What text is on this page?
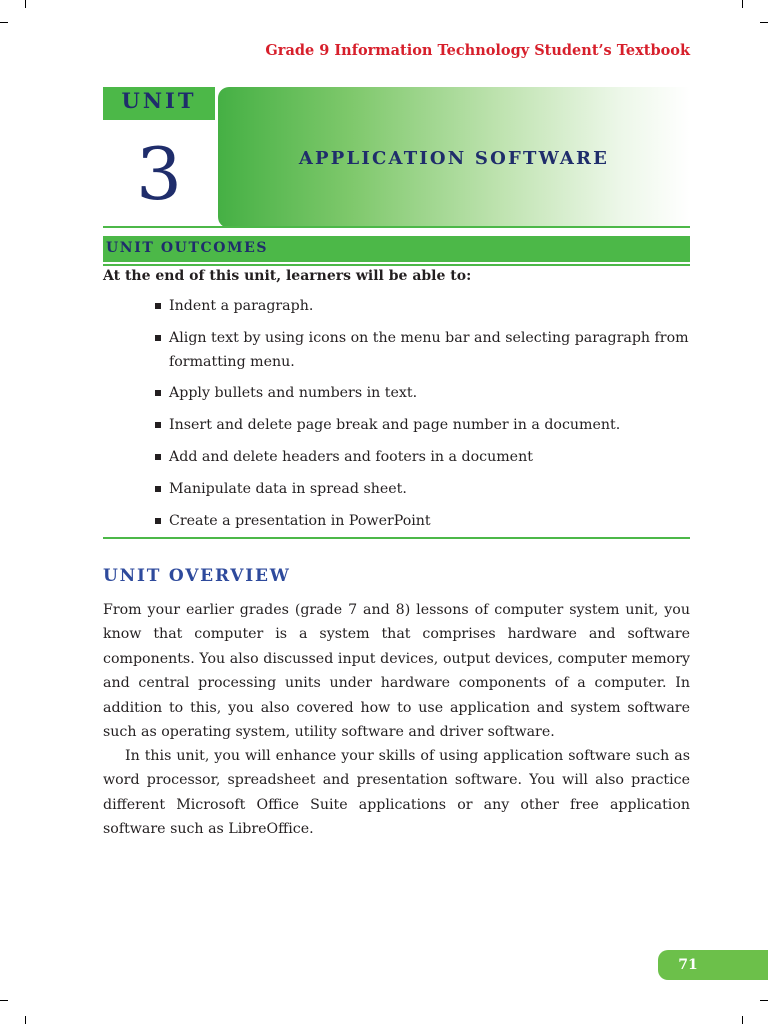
Grade 9 Information Technology Student’s Textbook
UNIT
3	APPLICATION SOFTWARE
UNIT OUTCOMES
At the end of this unit, learners will be able to:
Indent a paragraph.
Align text by using icons on the menu bar and selecting paragraph from formatting menu.
Apply bullets and numbers in text.
Insert and delete page break and page number in a document.
Add and delete headers and footers in a document
Manipulate data in spread sheet.
Create a presentation in PowerPoint
UNIT OVERVIEW

From your earlier grades (grade 7 and 8) lessons of computer system unit, you know that computer is a system that comprises hardware and software components. You also discussed input devices, output devices, computer memory and central processing units under hardware components of a computer. In addition to this, you also covered how to use application and system software such as operating system, utility software and driver software.

In this unit, you will enhance your skills of using application software such as word processor, spreadsheet and presentation software. You will also practice different Microsoft Office Suite applications or any other free application software such as LibreOffice.

71
